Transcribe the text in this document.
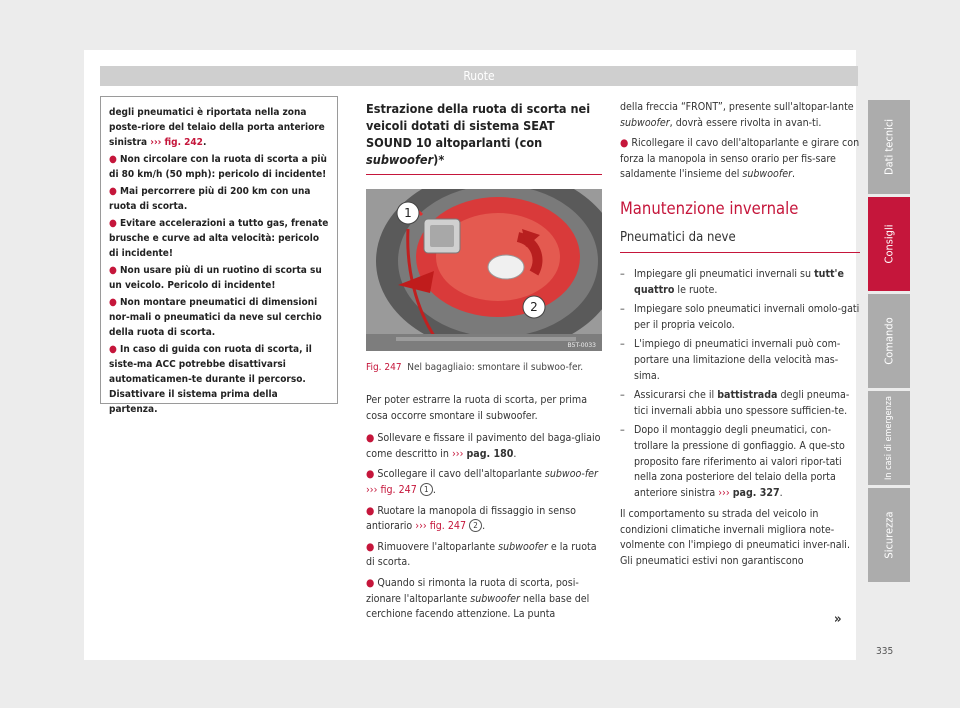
Ruote

degli pneumatici è riportata nella zona poste-riore del telaio della porta anteriore sinistra ››› fig. 242.

● Non circolare con la ruota di scorta a più di 80 km/h (50 mph): pericolo di incidente!

● Mai percorrere più di 200 km con una ruota di scorta.

● Evitare accelerazioni a tutto gas, frenate brusche e curve ad alta velocità: pericolo di incidente!

● Non usare più di un ruotino di scorta su un veicolo. Pericolo di incidente!

● Non montare pneumatici di dimensioni nor-mali o pneumatici da neve sul cerchio della ruota di scorta.

● In caso di guida con ruota di scorta, il siste-ma ACC potrebbe disattivarsi automaticamen-te durante il percorso. Disattivare il sistema prima della partenza.

Estrazione della ruota di scorta nei veicoli dotati di sistema SEAT SOUND 10 altoparlanti (con subwoofer)*
1
2
B5T-0033
Fig. 247 Nel bagagliaio: smontare il subwoo-fer.

Per poter estrarre la ruota di scorta, per prima cosa occorre smontare il subwoofer.

● Sollevare e fissare il pavimento del baga-gliaio come descritto in ››› pag. 180.

● Scollegare il cavo dell'altoparlante subwoo-fer ››› fig. 247 1 .

● Ruotare la manopola di fissaggio in senso antiorario ››› fig. 247 2 .

● Rimuovere l'altoparlante subwoofer e la ruota di scorta.

● Quando si rimonta la ruota di scorta, posi-zionare l'altoparlante subwoofer nella base del cerchione facendo attenzione. La punta

della freccia “FRONT”, presente sull'altopar-lante subwoofer, dovrà essere rivolta in avan-ti.

● Ricollegare il cavo dell'altoparlante e girare con forza la manopola in senso orario per fis-sare saldamente l'insieme del subwoofer.

Manutenzione invernale
Pneumatici da neve
– Impiegare gli pneumatici invernali su tutt'e quattro le ruote.
– Impiegare solo pneumatici invernali omolo-gati per il propria veicolo.
– L'impiego di pneumatici invernali può com-portare una limitazione della velocità mas-sima.
– Assicurarsi che il battistrada degli pneuma-tici invernali abbia uno spessore sufficien-te.
– Dopo il montaggio degli pneumatici, con-trollare la pressione di gonfiaggio. A que-sto proposito fare riferimento ai valori ripor-tati nella zona posteriore del telaio della porta anteriore sinistra ››› pag. 327.

Il comportamento su strada del veicolo in condizioni climatiche invernali migliora note-volmente con l'impiego di pneumatici inver-nali. Gli pneumatici estivi non garantiscono

»
335
Dati tecnici
Consigli
Comando
In casi di emergenza
Sicurezza
